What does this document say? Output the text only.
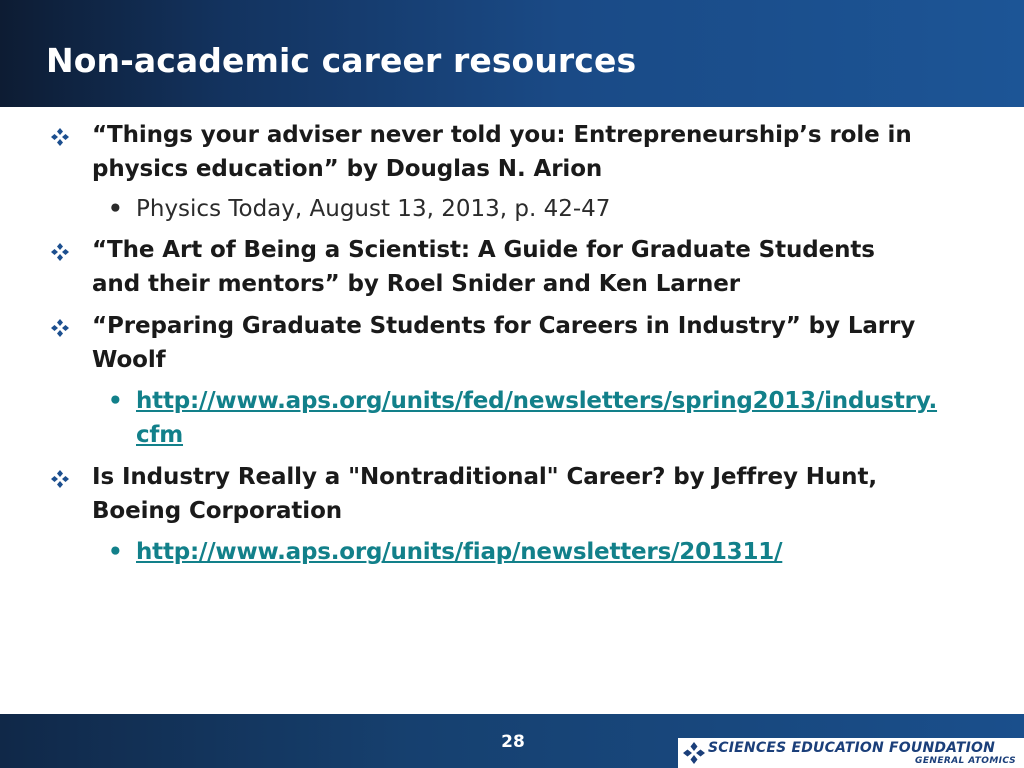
Non-academic career resources
“Things your adviser never told you: Entrepreneurship’s role in physics education” by Douglas N. Arion
• Physics Today, August 13, 2013, p. 42-47
“The Art of Being a Scientist: A Guide for Graduate Students and their mentors” by Roel Snider and Ken Larner
“Preparing Graduate Students for Careers in Industry” by Larry Woolf
• http://www.aps.org/units/fed/newsletters/spring2013/industry.cfm
Is Industry Really a "Nontraditional" Career? by Jeffrey Hunt, Boeing Corporation
• http://www.aps.org/units/fiap/newsletters/201311/
28	SCIENCES EDUCATION FOUNDATION
GENERAL ATOMICS
